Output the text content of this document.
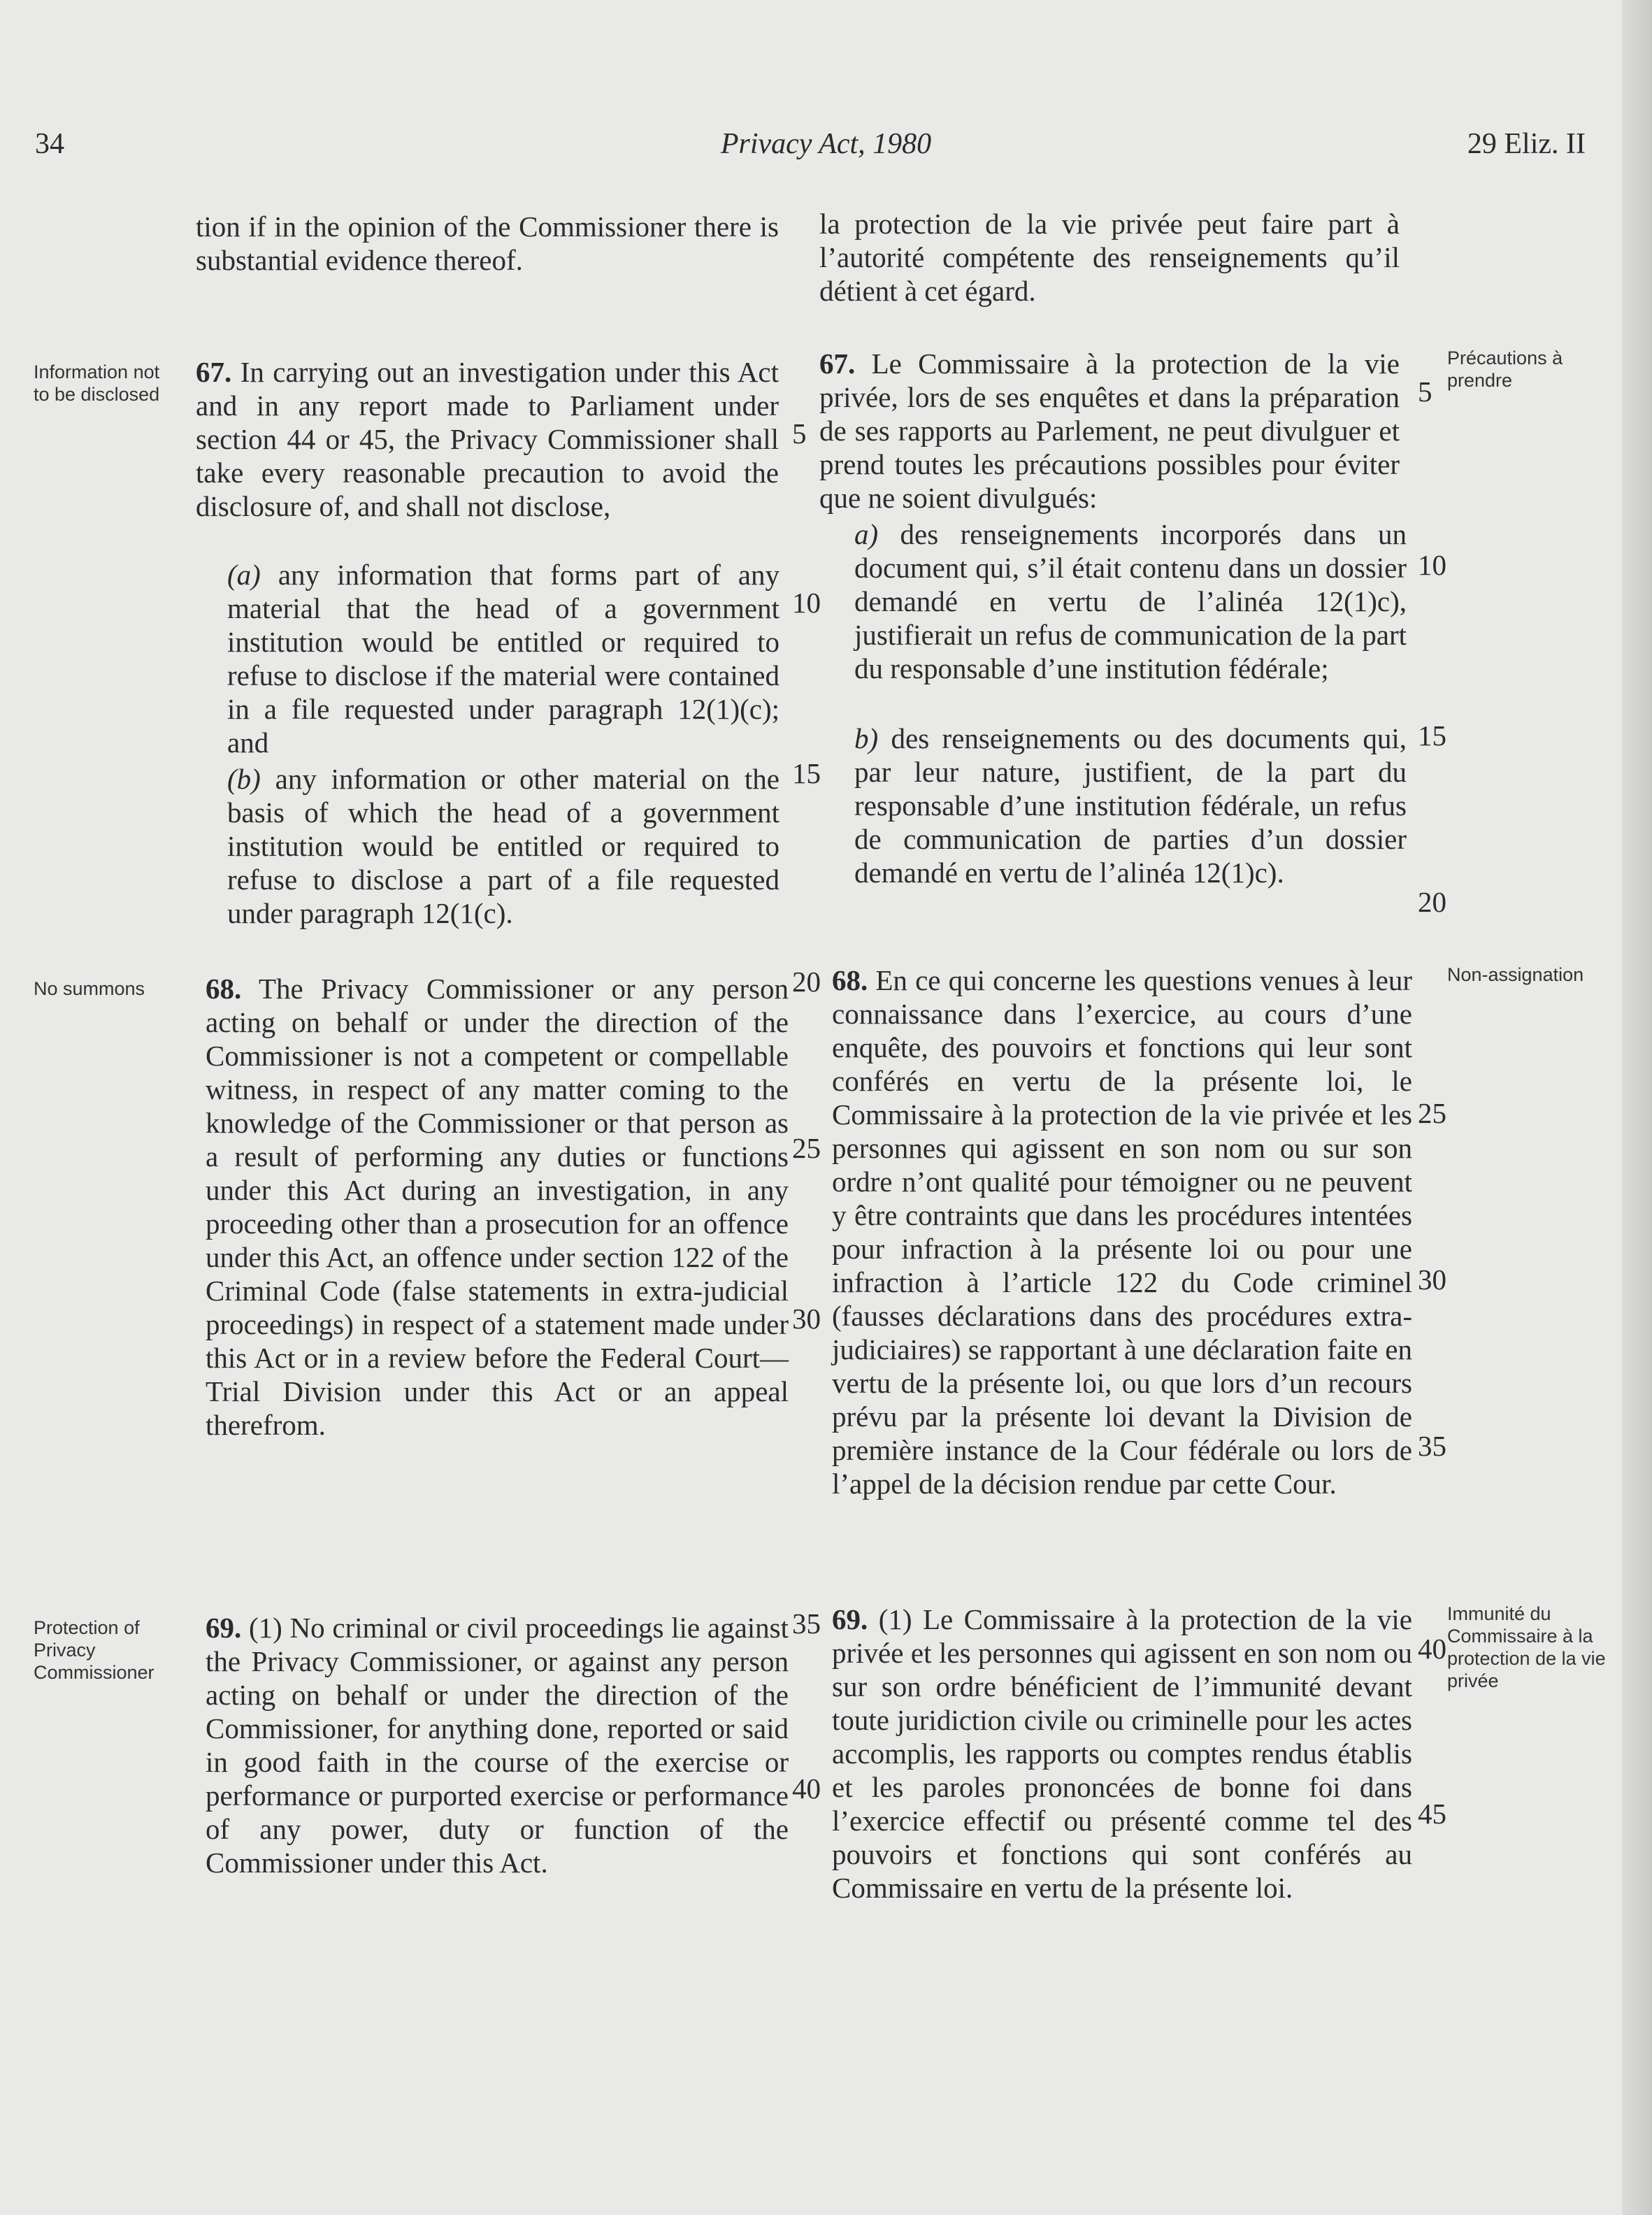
34	Privacy Act, 1980	29 Eliz. II
tion if in the opinion of the Commissioner there is substantial evidence thereof.
la protection de la vie privée peut faire part à l’autorité compétente des renseignements qu’il détient à cet égard.
Information not to be disclosed
Précautions à prendre
67. In carrying out an investigation under this Act and in any report made to Parliament under section 44 or 45, the Privacy Commissioner shall take every reasonable precaution to avoid the disclosure of, and shall not disclose,
(a) any information that forms part of any material that the head of a government institution would be entitled or required to refuse to disclose if the material were contained in a file requested under paragraph 12(1)(c); and
(b) any information or other material on the basis of which the head of a government institution would be entitled or required to refuse to disclose a part of a file requested under paragraph 12(1(c).
67. Le Commissaire à la protection de la vie privée, lors de ses enquêtes et dans la préparation de ses rapports au Parlement, ne peut divulguer et prend toutes les précautions possibles pour éviter que ne soient divulgués:
a) des renseignements incorporés dans un document qui, s’il était contenu dans un dossier demandé en vertu de l’alinéa 12(1)c), justifierait un refus de communication de la part du responsable d’une institution fédérale;
b) des renseignements ou des documents qui, par leur nature, justifient, de la part du responsable d’une institution fédérale, un refus de communication de parties d’un dossier demandé en vertu de l’alinéa 12(1)c).
No summons
Non-assignation
68. The Privacy Commissioner or any person acting on behalf or under the direction of the Commissioner is not a competent or compellable witness, in respect of any matter coming to the knowledge of the Commissioner or that person as a result of performing any duties or functions under this Act during an investigation, in any proceeding other than a prosecution for an offence under this Act, an offence under section 122 of the Criminal Code (false statements in extra-judicial proceedings) in respect of a statement made under this Act or in a review before the Federal Court—Trial Division under this Act or an appeal therefrom.
68. En ce qui concerne les questions venues à leur connaissance dans l’exercice, au cours d’une enquête, des pouvoirs et fonctions qui leur sont conférés en vertu de la présente loi, le Commissaire à la protection de la vie privée et les personnes qui agissent en son nom ou sur son ordre n’ont qualité pour témoigner ou ne peuvent y être contraints que dans les procédures intentées pour infraction à la présente loi ou pour une infraction à l’article 122 du Code criminel (fausses déclarations dans des procédures extra-judiciaires) se rapportant à une déclaration faite en vertu de la présente loi, ou que lors d’un recours prévu par la présente loi devant la Division de première instance de la Cour fédérale ou lors de l’appel de la décision rendue par cette Cour.
Protection of Privacy Commissioner
Immunité du Commissaire à la protection de la vie privée
69. (1) No criminal or civil proceedings lie against the Privacy Commissioner, or against any person acting on behalf or under the direction of the Commissioner, for anything done, reported or said in good faith in the course of the exercise or performance or purported exercise or performance of any power, duty or function of the Commissioner under this Act.
69. (1) Le Commissaire à la protection de la vie privée et les personnes qui agissent en son nom ou sur son ordre bénéficient de l’immunité devant toute juridiction civile ou criminelle pour les actes accomplis, les rapports ou comptes rendus établis et les paroles prononcées de bonne foi dans l’exercice effectif ou présenté comme tel des pouvoirs et fonctions qui sont conférés au Commissaire en vertu de la présente loi.
5
10
15
20
25
30
35
40
5
10
15
20
25
30
35
40
45
